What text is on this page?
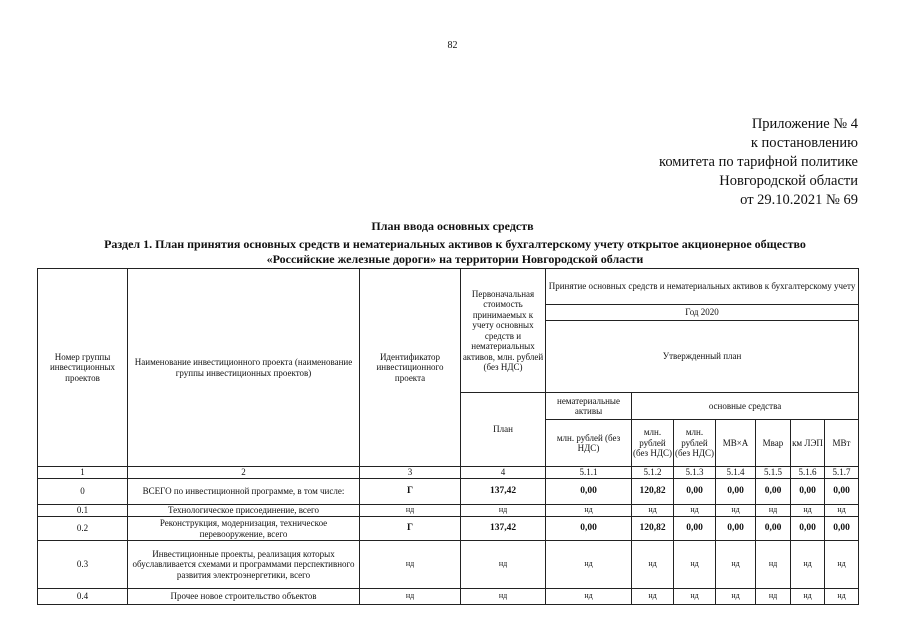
82
Приложение № 4
к постановлению
комитета по тарифной политике
Новгородской области
от 29.10.2021 № 69
План ввода основных средств
Раздел 1. План принятия основных средств и нематериальных активов к бухгалтерскому учету открытое акционерное общество
«Российские железные дороги» на территории Новгородской области
Номер группы инвестиционных проектов	Наименование инвестиционного проекта (наименование группы инвестиционных проектов)	Идентификатор инвестиционного проекта	Первоначальная стоимость принимаемых к учету основных средств и нематериальных активов, млн. рублей (без НДС)	Принятие основных средств и нематериальных активов к бухгалтерскому учету						
				Год 2020						
				Утвержденный план						
			План	нематериальные активы	основные средства					
				млн. рублей (без НДС)	млн. рублей (без НДС)	млн. рублей (без НДС)	МВ×А	Мвар	км ЛЭП	МВт
1	2	3	4	5.1.1	5.1.2	5.1.3	5.1.4	5.1.5	5.1.6	5.1.7
0	ВСЕГО по инвестиционной программе, в том числе:	Г	137,42	0,00	120,82	0,00	0,00	0,00	0,00	0,00
0.1	Технологическое присоединение, всего	нд	нд	нд	нд	нд	нд	нд	нд	нд
0.2	Реконструкция, модернизация, техническое перевооружение, всего	Г	137,42	0,00	120,82	0,00	0,00	0,00	0,00	0,00
0.3	Инвестиционные проекты, реализация которых обуславливается схемами и программами перспективного развития электроэнергетики, всего	нд	нд	нд	нд	нд	нд	нд	нд	нд
0.4	Прочее новое строительство объектов	нд	нд	нд	нд	нд	нд	нд	нд	нд
